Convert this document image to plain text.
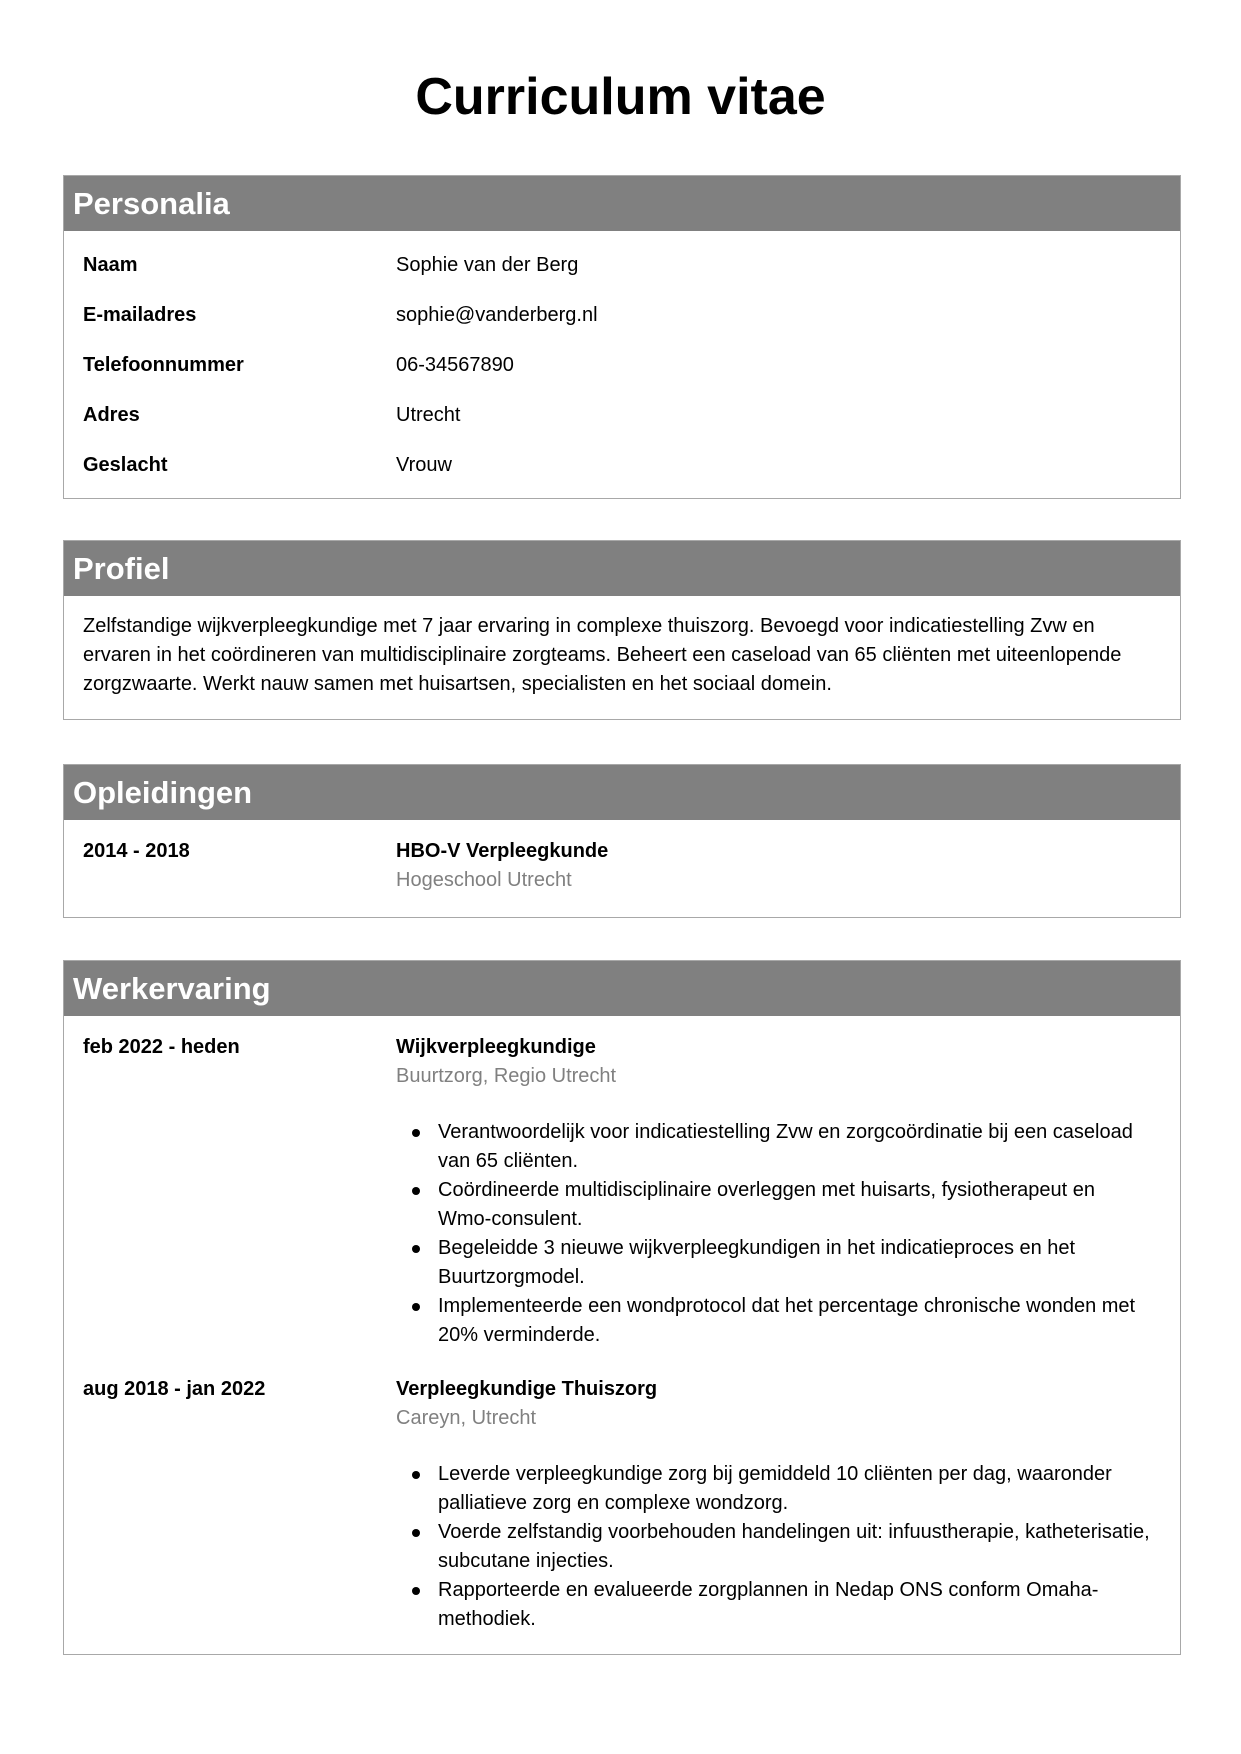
Curriculum vitae
Personalia
Naam	Sophie van der Berg
E-mailadres	sophie@vanderberg.nl
Telefoonnummer	06-34567890
Adres	Utrecht
Geslacht	Vrouw
Profiel

Zelfstandige wijkverpleegkundige met 7 jaar ervaring in complexe thuiszorg. Bevoegd voor indicatiestelling Zvw en ervaren in het coördineren van multidisciplinaire zorgteams. Beheert een caseload van 65 cliënten met uiteenlopende zorgzwaarte. Werkt nauw samen met huisartsen, specialisten en het sociaal domein.

Opleidingen
2014 - 2018	HBO-V Verpleegkunde
Hogeschool Utrecht
Werkervaring
feb 2022 - heden	Wijkverpleegkundige
Buurtzorg, Regio Utrecht
Verantwoordelijk voor indicatiestelling Zvw en zorgcoördinatie bij een caseload van 65 cliënten.
Coördineerde multidisciplinaire overleggen met huisarts, fysiotherapeut en Wmo-consulent.
Begeleidde 3 nieuwe wijkverpleegkundigen in het indicatieproces en het Buurtzorgmodel.
Implementeerde een wondprotocol dat het percentage chronische wonden met 20% verminderde.
aug 2018 - jan 2022	Verpleegkundige Thuiszorg
Careyn, Utrecht
Leverde verpleegkundige zorg bij gemiddeld 10 cliënten per dag, waaronder palliatieve zorg en complexe wondzorg.
Voerde zelfstandig voorbehouden handelingen uit: infuustherapie, katheterisatie, subcutane injecties.
Rapporteerde en evalueerde zorgplannen in Nedap ONS conform Omaha-methodiek.
